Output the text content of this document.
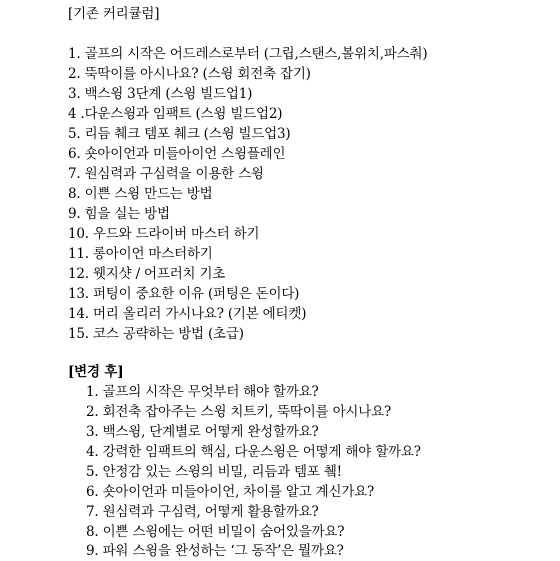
[기존 커리큘럼]
1. 골프의 시작은 어드레스로부터 (그립,스탠스,볼위치,파스춰)
2. 뚝딱이를 아시나요? (스윙 회전축 잡기)
3. 백스윙 3단계 (스윙 빌드업1)
4 .다운스윙과 임팩트 (스윙 빌드업2)
5. 리듬 췌크 템포 췌크 (스윙 빌드업3)
6. 숏아이언과 미들아이언 스윙플레인
7. 원심력과 구심력을 이용한 스윙
8. 이쁜 스윙 만드는 방법
9. 힘을 실는 방법
10. 우드와 드라이버 마스터 하기
11. 롱아이언 마스터하기
12. 웻지샷 / 어프러치 기초
13. 퍼팅이 중요한 이유 (퍼팅은 돈이다)
14. 머리 올리러 가시나요? (기본 에티켓)
15. 코스 공략하는 방법 (초급)
[변경 후]
1. 골프의 시작은 무엇부터 해야 할까요?
2. 회전축 잡아주는 스윙 치트키, 뚝딱이를 아시나요?
3. 백스윙, 단계별로 어떻게 완성할까요?
4. 강력한 임팩트의 핵심, 다운스윙은 어떻게 해야 할까요?
5. 안정감 있는 스윙의 비밀, 리듬과 템포 췤!
6. 숏아이언과 미들아이언, 차이를 알고 계신가요?
7. 원심력과 구심력, 어떻게 활용할까요?
8. 이쁜 스윙에는 어떤 비밀이 숨어있을까요?
9. 파워 스윙을 완성하는 ‘그 동작’은 뭘까요?
